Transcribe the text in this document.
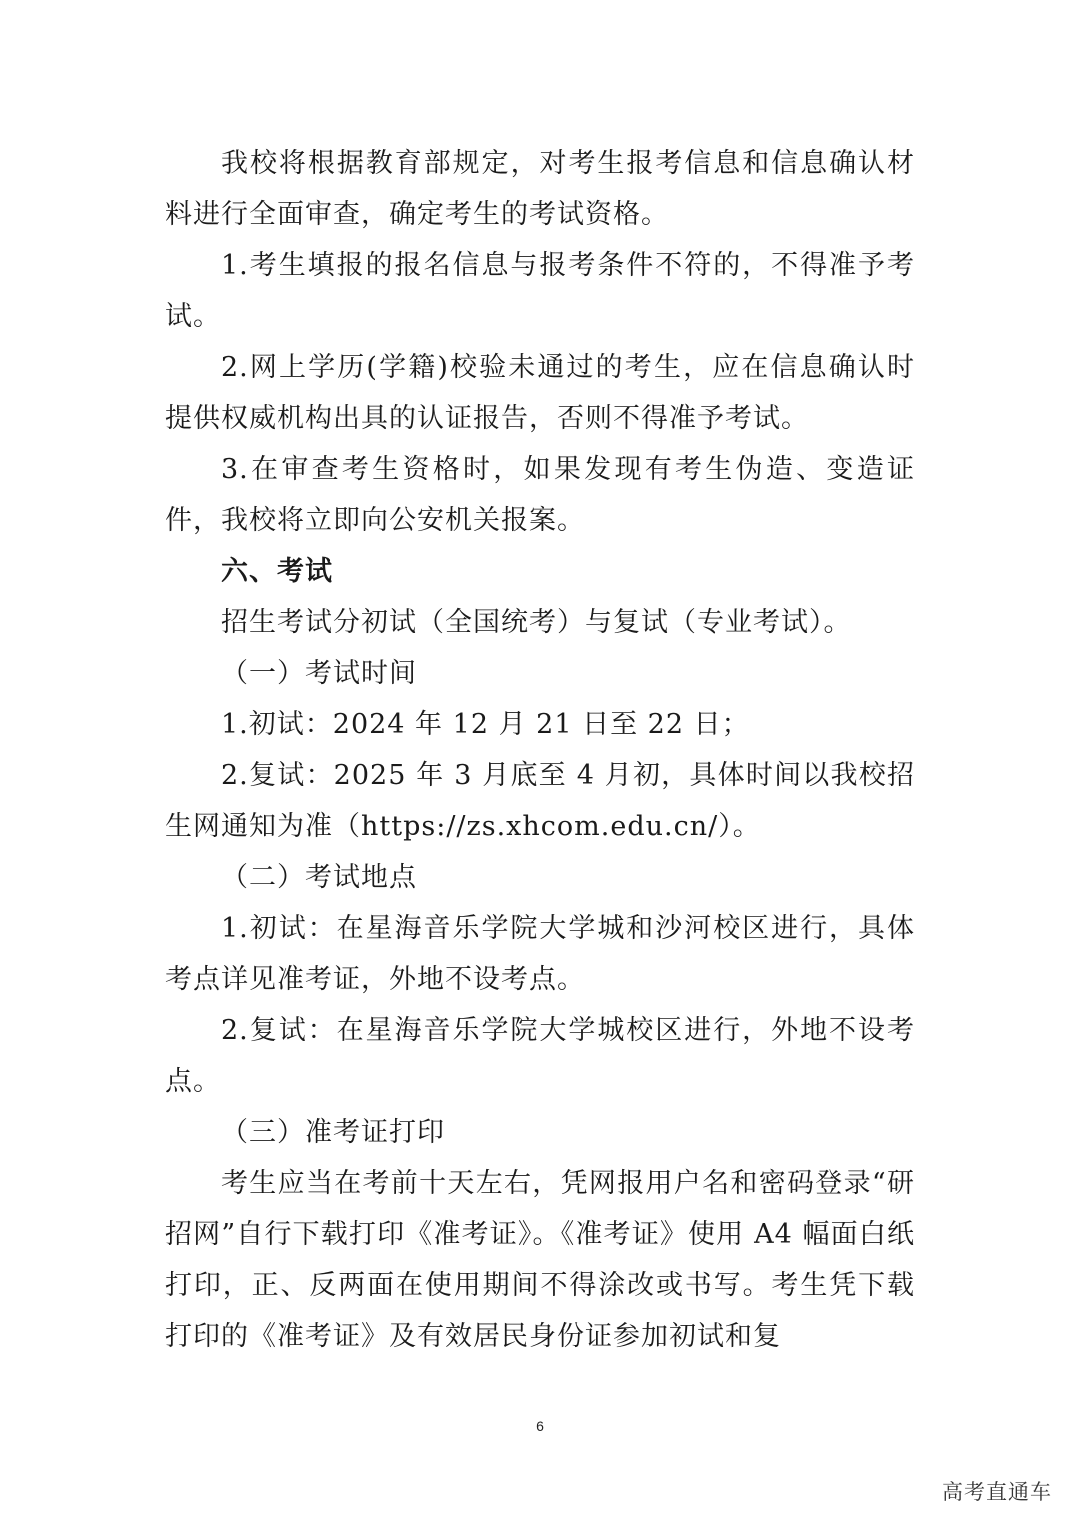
我校将根据教育部规定，对考生报考信息和信息确认材料进行全面审查，确定考生的考试资格。

1.考生填报的报名信息与报考条件不符的，不得准予考试。

2.网上学历(学籍)校验未通过的考生，应在信息确认时提供权威机构出具的认证报告，否则不得准予考试。

3.在审查考生资格时，如果发现有考生伪造、变造证件，我校将立即向公安机关报案。

六、考试

招生考试分初试（全国统考）与复试（专业考试）。

（一）考试时间

1.初试：2024 年 12 月 21 日至 22 日；

2.复试：2025 年 3 月底至 4 月初，具体时间以我校招生网通知为准（https://zs.xhcom.edu.cn/）。

（二）考试地点

1.初试：在星海音乐学院大学城和沙河校区进行，具体考点详见准考证，外地不设考点。

2.复试：在星海音乐学院大学城校区进行，外地不设考点。

（三）准考证打印

考生应当在考前十天左右，凭网报用户名和密码登录“研招网”自行下载打印《准考证》。《准考证》使用 A4 幅面白纸打印，正、反两面在使用期间不得涂改或书写。考生凭下载打印的《准考证》及有效居民身份证参加初试和复

6
高考直通车
